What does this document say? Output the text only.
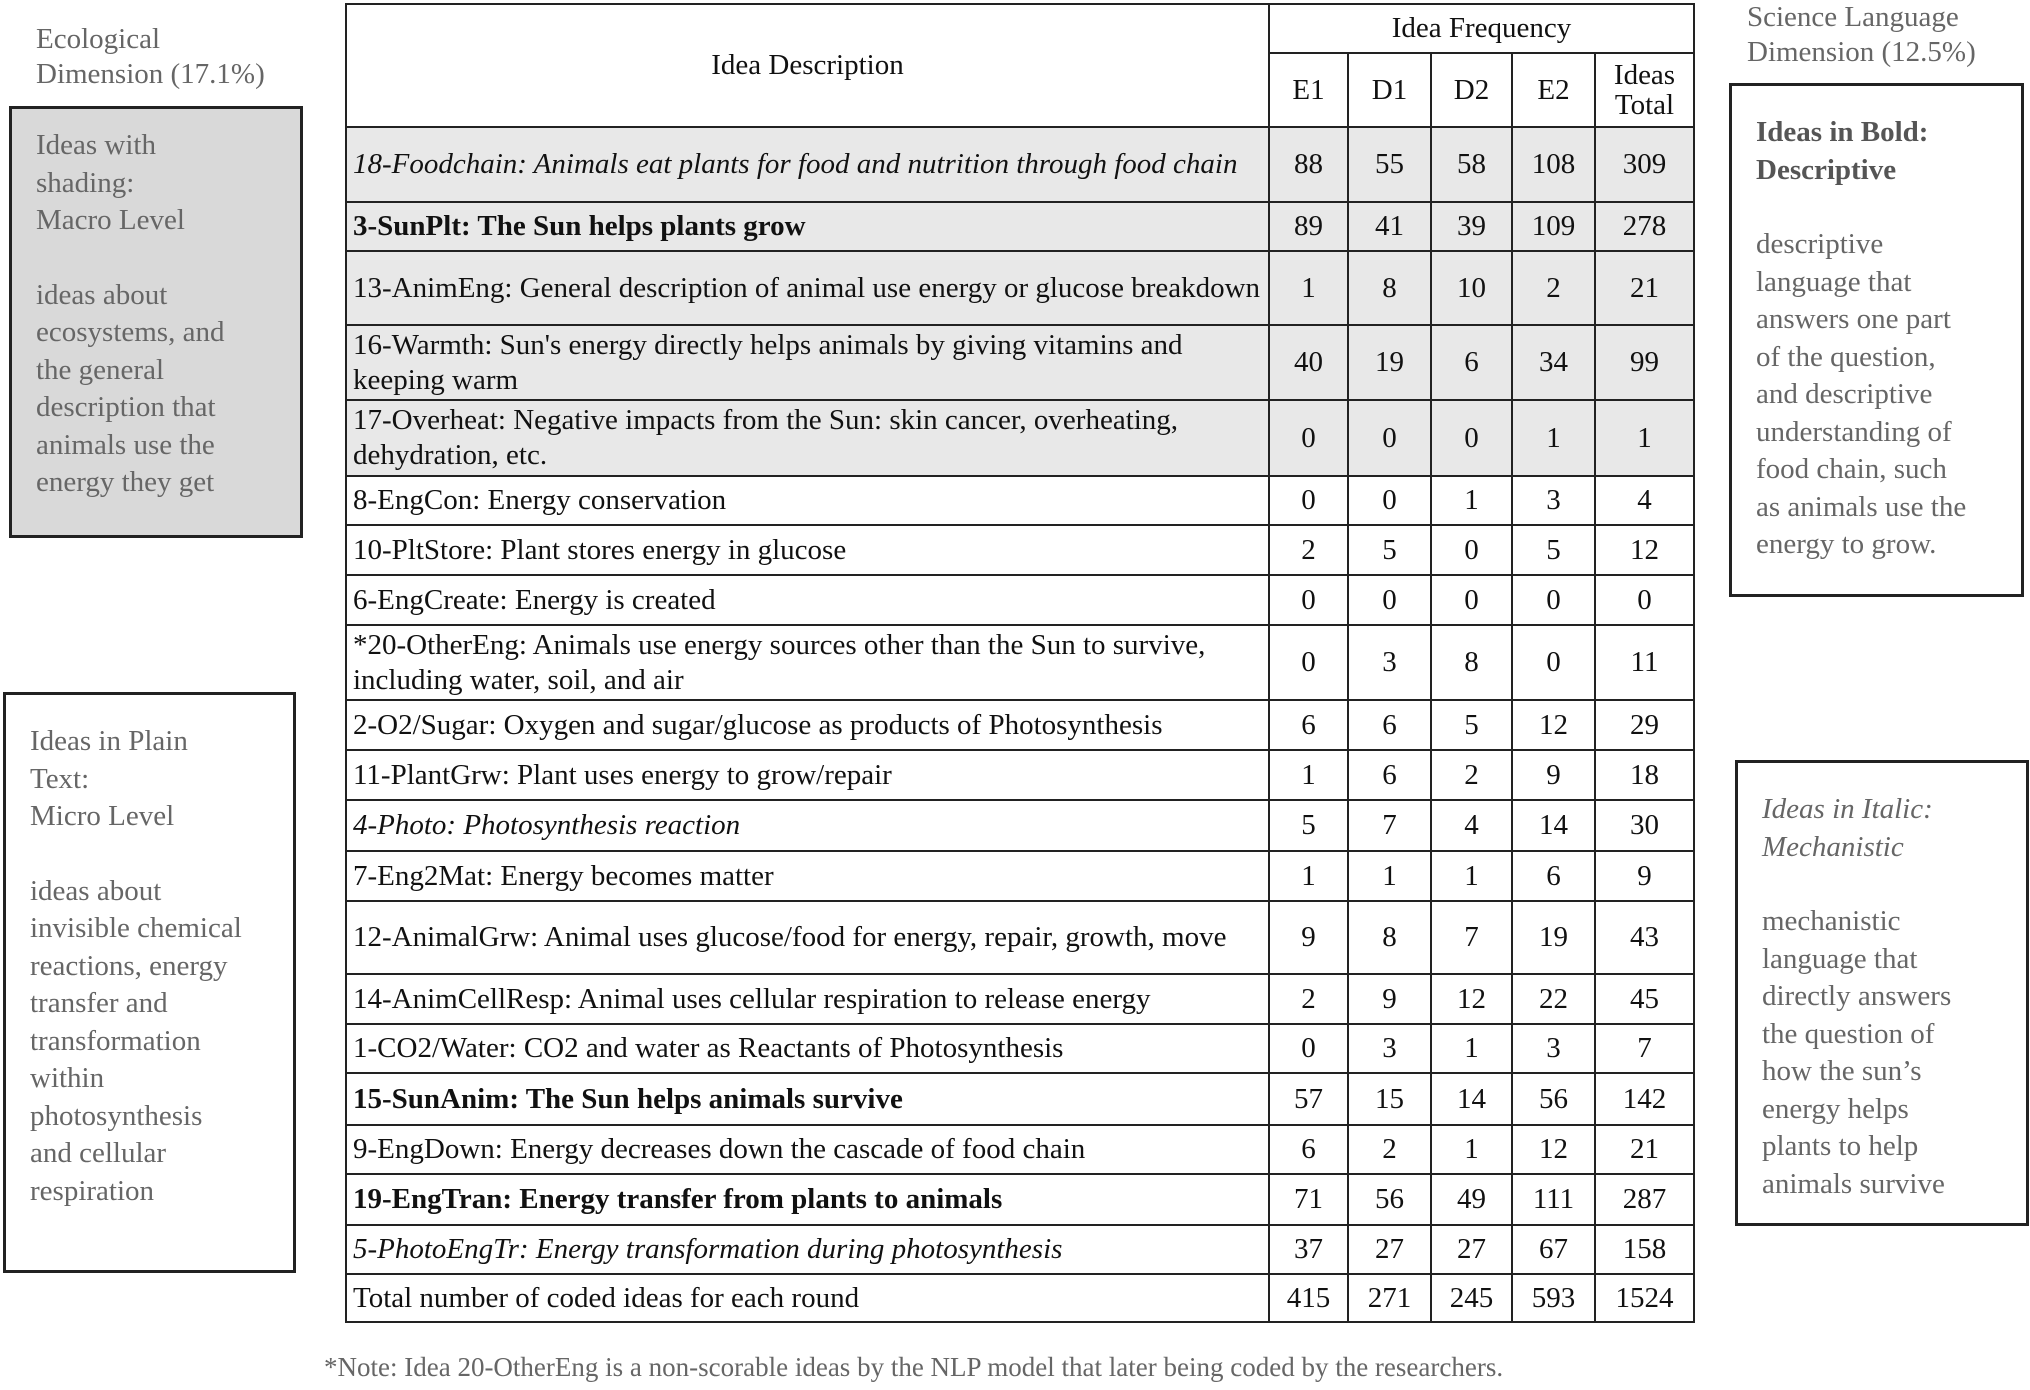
Ecological
Dimension (17.1%)

Ideas with

shading:

Macro Level

ideas about

ecosystems, and

the general

description that

animals use the

energy they get

Ideas in Plain

Text:

Micro Level

ideas about

invisible chemical

reactions, energy

transfer and

transformation

within

photosynthesis

and cellular

respiration

Science Language
Dimension (12.5%)

Ideas in Bold:

Descriptive

descriptive

language that

answers one part

of the question,

and descriptive

understanding of

food chain, such

as animals use the

energy to grow.

Ideas in Italic:

Mechanistic

mechanistic

language that

directly answers

the question of

how the sun’s

energy helps

plants to help

animals survive

Idea Description	Idea Frequency				
	E1	D1	D2	E2	Ideas
Total
18-Foodchain: Animals eat plants for food and nutrition through food chain	88	55	58	108	309
3-SunPlt: The Sun helps plants grow	89	41	39	109	278
13-AnimEng: General description of animal use energy or glucose breakdown	1	8	10	2	21
16-Warmth: Sun's energy directly helps animals by giving vitamins and keeping warm	40	19	6	34	99
17-Overheat: Negative impacts from the Sun: skin cancer, overheating, dehydration, etc.	0	0	0	1	1
8-EngCon: Energy conservation	0	0	1	3	4
10-PltStore: Plant stores energy in glucose	2	5	0	5	12
6-EngCreate: Energy is created	0	0	0	0	0
*20-OtherEng: Animals use energy sources other than the Sun to survive, including water, soil, and air	0	3	8	0	11
2-O2/Sugar: Oxygen and sugar/glucose as products of Photosynthesis	6	6	5	12	29
11-PlantGrw: Plant uses energy to grow/repair	1	6	2	9	18
4-Photo: Photosynthesis reaction	5	7	4	14	30
7-Eng2Mat: Energy becomes matter	1	1	1	6	9
12-AnimalGrw: Animal uses glucose/food for energy, repair, growth, move	9	8	7	19	43
14-AnimCellResp: Animal uses cellular respiration to release energy	2	9	12	22	45
1-CO2/Water: CO2 and water as Reactants of Photosynthesis	0	3	1	3	7
15-SunAnim: The Sun helps animals survive	57	15	14	56	142
9-EngDown: Energy decreases down the cascade of food chain	6	2	1	12	21
19-EngTran: Energy transfer from plants to animals	71	56	49	111	287
5-PhotoEngTr: Energy transformation during photosynthesis	37	27	27	67	158
Total number of coded ideas for each round	415	271	245	593	1524
*Note: Idea 20-OtherEng is a non-scorable ideas by the NLP model that later being coded by the researchers.
